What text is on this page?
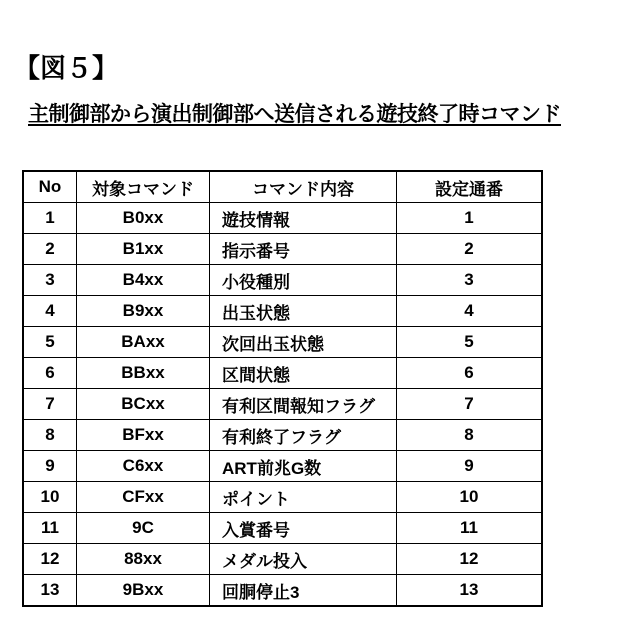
【図５】
主制御部から演出制御部へ送信される遊技終了時コマンド
No	対象コマンド	コマンド内容	設定通番
1	B0xx	遊技情報	1
2	B1xx	指示番号	2
3	B4xx	小役種別	3
4	B9xx	出玉状態	4
5	BAxx	次回出玉状態	5
6	BBxx	区間状態	6
7	BCxx	有利区間報知フラグ	7
8	BFxx	有利終了フラグ	8
9	C6xx	ART前兆G数	9
10	CFxx	ポイント	10
11	9C	入賞番号	11
12	88xx	メダル投入	12
13	9Bxx	回胴停止3	13
